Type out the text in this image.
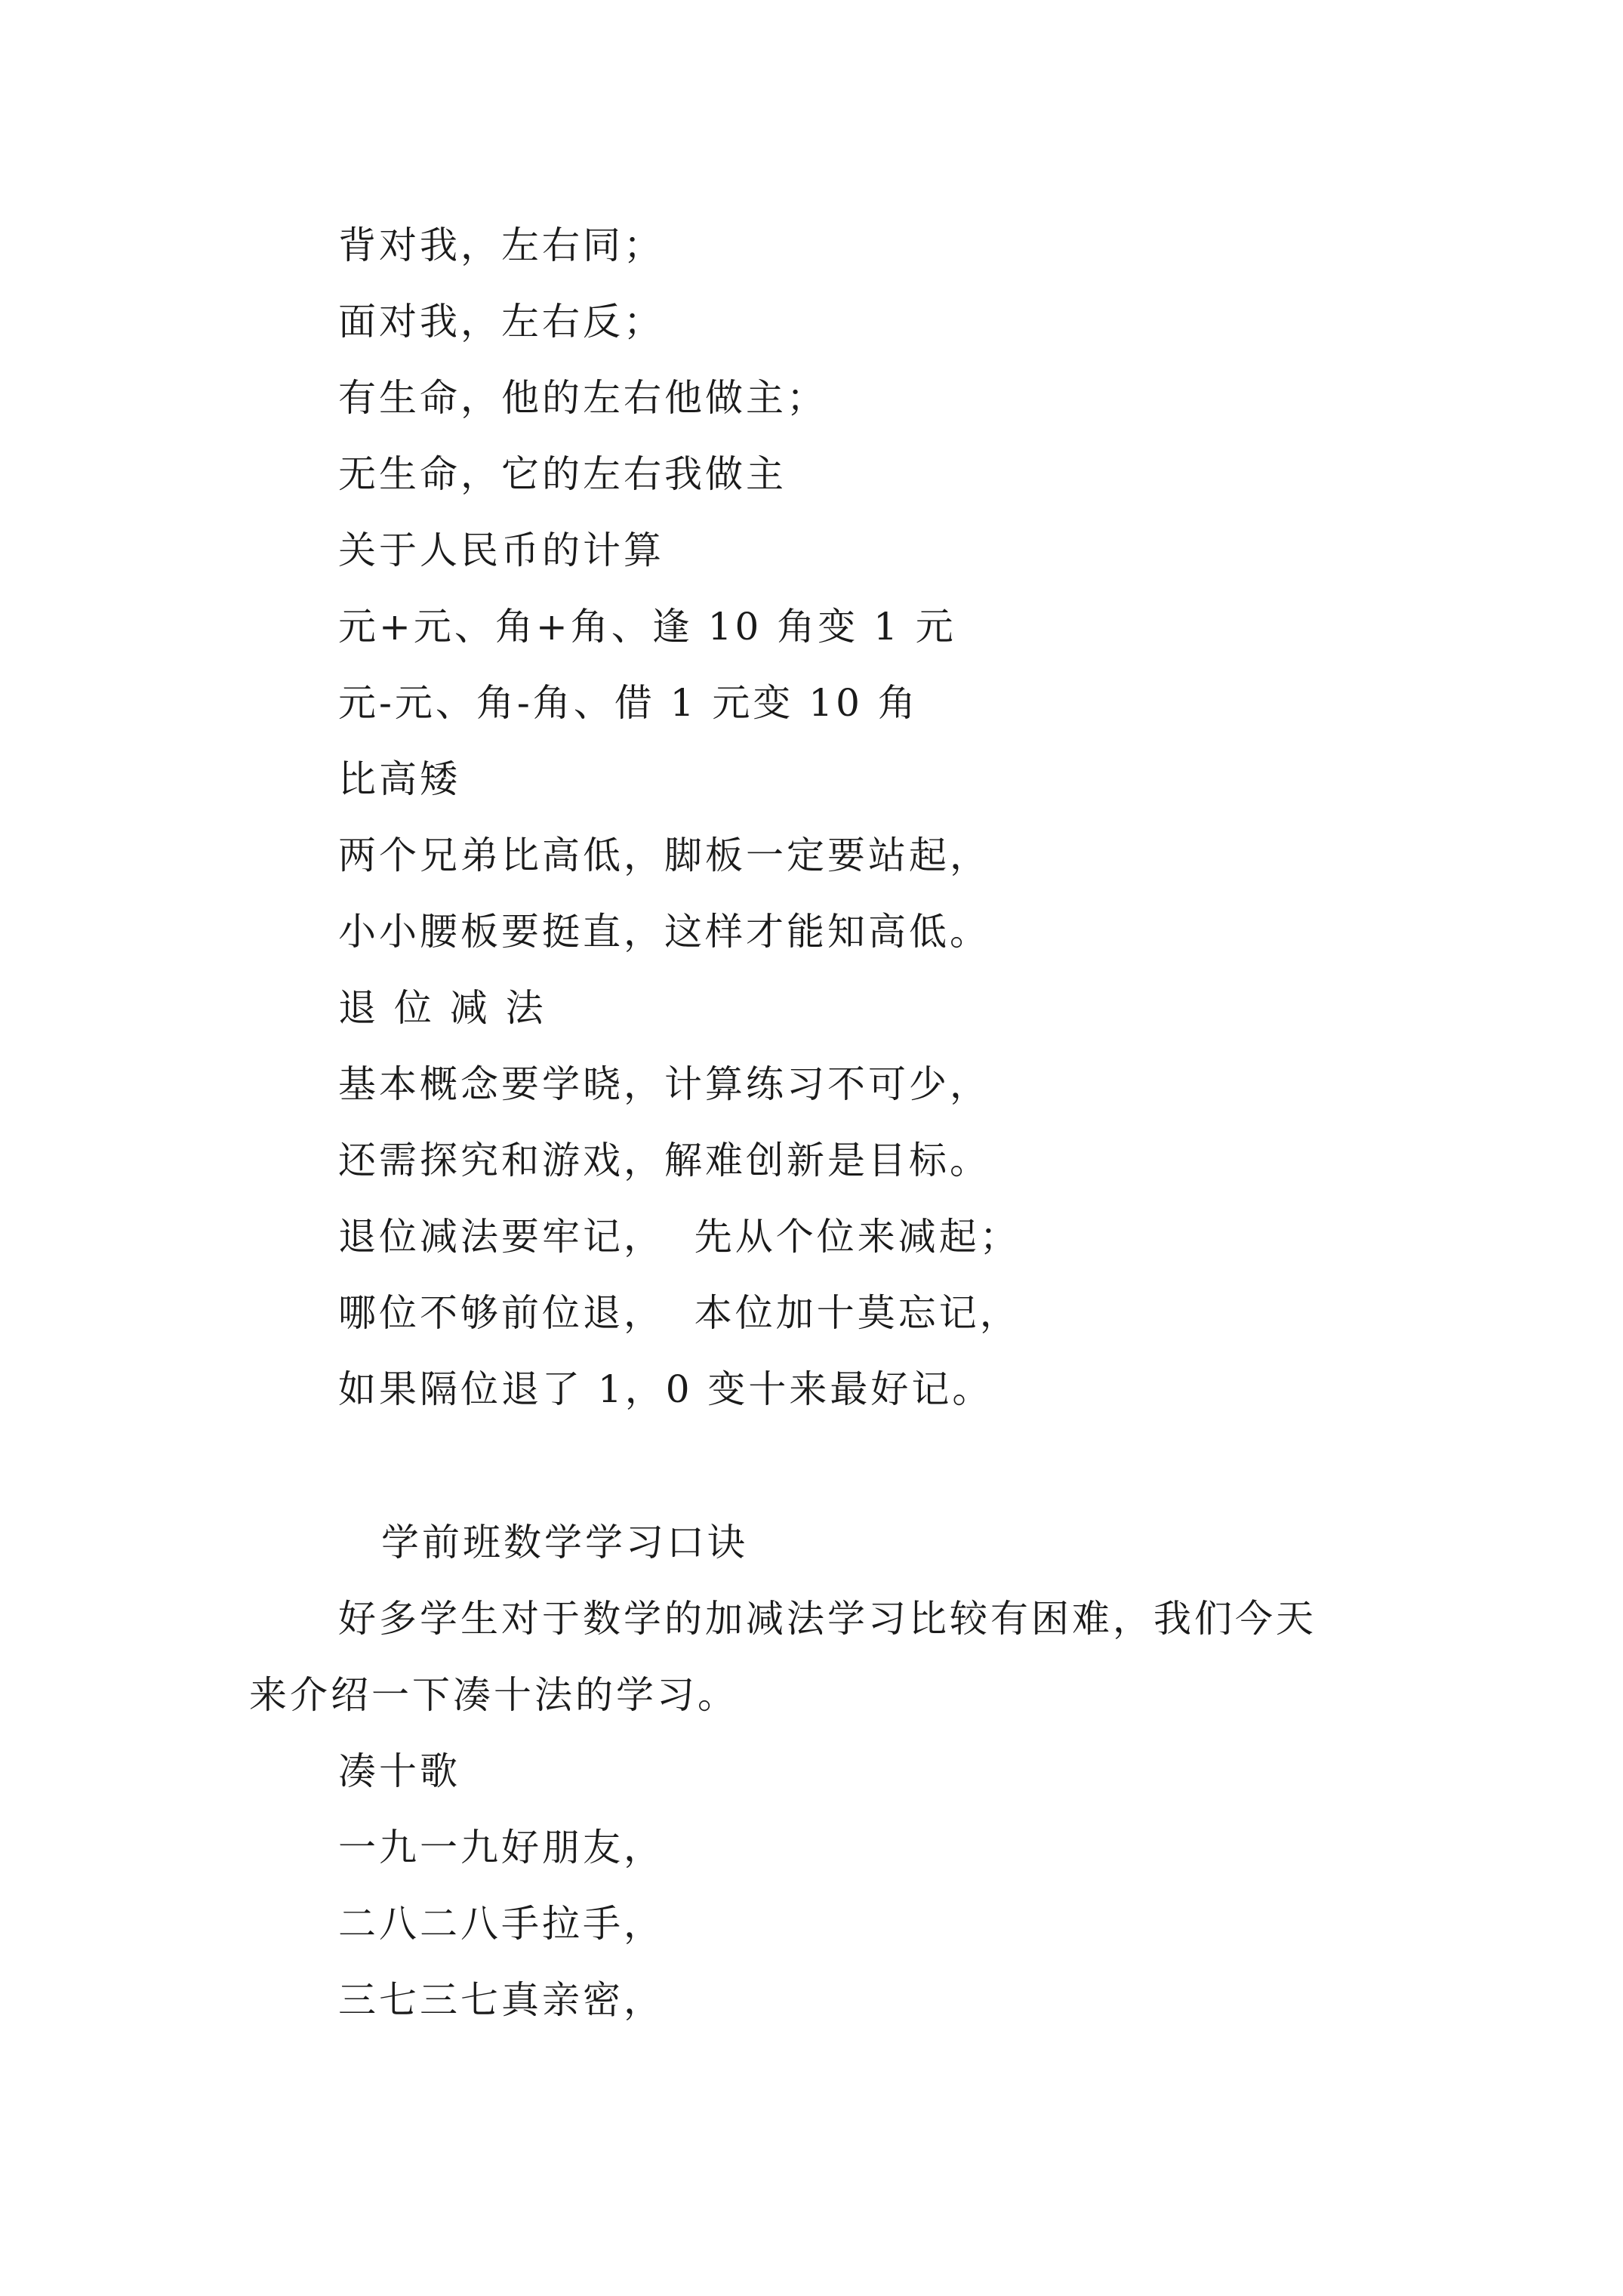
背对我，左右同；
面对我，左右反；
有生命，他的左右他做主；
无生命，它的左右我做主
关于人民币的计算
元+元、角+角、逢 10 角变 1 元
元-元、角-角、借 1 元变 10 角
比高矮
两个兄弟比高低，脚板一定要站起，
小小腰板要挺直，这样才能知高低。
退 位 减 法
基本概念要学晓，计算练习不可少，
还需探究和游戏，解难创新是目标。
退位减法要牢记，  先从个位来减起；
哪位不够前位退，  本位加十莫忘记，
如果隔位退了 1，0 变十来最好记。
学前班数学学习口诀
好多学生对于数学的加减法学习比较有困难，我们今天
来介绍一下凑十法的学习。
凑十歌
一九一九好朋友，
二八二八手拉手，
三七三七真亲密，
